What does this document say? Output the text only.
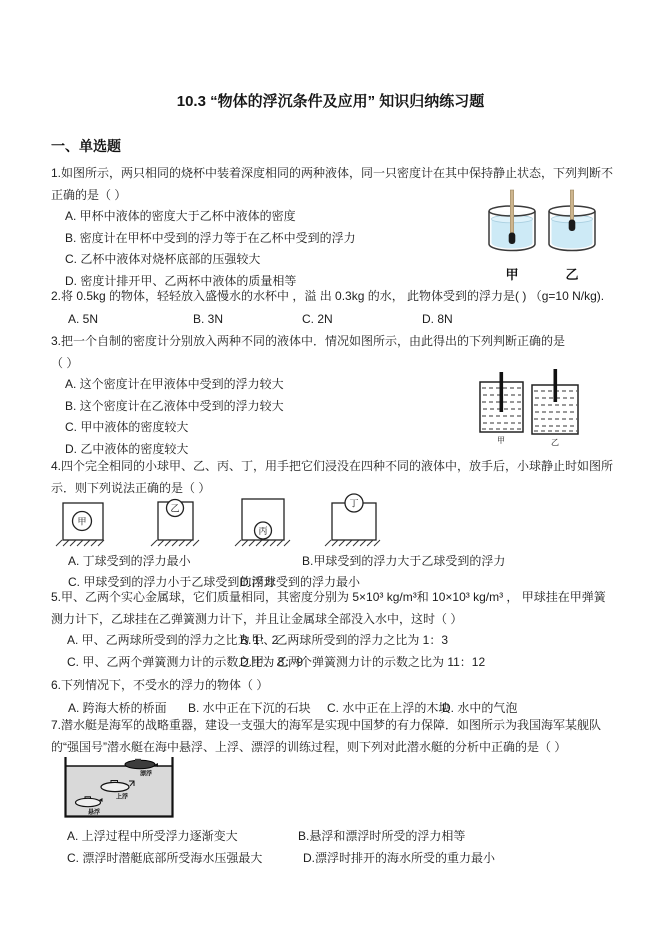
10.3 “物体的浮沉条件及应用” 知识归纳练习题
一、单选题

1.如图所示，两只相同的烧杯中装着深度相同的两种液体，同一只密度计在其中保持静止状态，下列判断不正确的是（ ）

A. 甲杯中液体的密度大于乙杯中液体的密度
B. 密度计在甲杯中受到的浮力等于在乙杯中受到的浮力
C. 乙杯中液体对烧杯底部的压强较大
D. 密度计排开甲、乙两杯中液体的质量相等	甲	乙

2.将 0.5kg 的物体，轻轻放入盛慢水的水杯中 ，溢 出 0.3kg 的水， 此物体受到的浮力是( ) （g=10 N/kg).

A. 5N	B. 3N	C. 2N	D. 8N

3.把一个自制的密度计分别放入两种不同的液体中．情况如图所示，由此得出的下列判断正确的是 （ ）

A. 这个密度计在甲液体中受到的浮力较大
B. 这个密度计在乙液体中受到的浮力较大
C. 甲中液体的密度较大
D. 乙中液体的密度较大
甲	乙

4.四个完全相同的小球甲、乙、丙、丁，用手把它们浸没在四种不同的液体中，放手后，小球静止时如图所示．则下列说法正确的是（ ）

甲
乙
丙
丁
A. 丁球受到的浮力最小	B.甲球受到的浮力大于乙球受到的浮力
C. 甲球受到的浮力小于乙球受到的浮力
D.丙球受到的浮力最小

5.甲、乙两个实心金属球，它们质量相同，其密度分别为 5×10³ kg/m³和 10×10³ kg/m³ ， 甲球挂在甲弹簧测力计下，乙球挂在乙弹簧测力计下，并且让金属球全部没入水中，这时（ ）

A. 甲、乙两球所受到的浮力之比为 1：2
B.甲、乙两球所受到的浮力之比为 1：3
C. 甲、乙两个弹簧测力计的示数之比为 8：9
D.甲、乙两个弹簧测力计的示数之比为 11：12

6.下列情况下，不受水的浮力的物体（ ）

A. 跨海大桥的桥面 B. 水中正在下沉的石块 C. 水中正在上浮的木块
D. 水中的气泡

7.潜水艇是海军的战略重器，建设一支强大的海军是实现中国梦的有力保障．如图所示为我国海军某舰队的“强国号”潜水艇在海中悬浮、上浮、漂浮的训练过程，则下列对此潜水艇的分析中正确的是（ ）

漂浮
上浮
悬浮
A. 上浮过程中所受浮力逐渐变大	B.悬浮和漂浮时所受的浮力相等
C. 漂浮时潜艇底部所受海水压强最大	D.漂浮时排开的海水所受的重力最小
